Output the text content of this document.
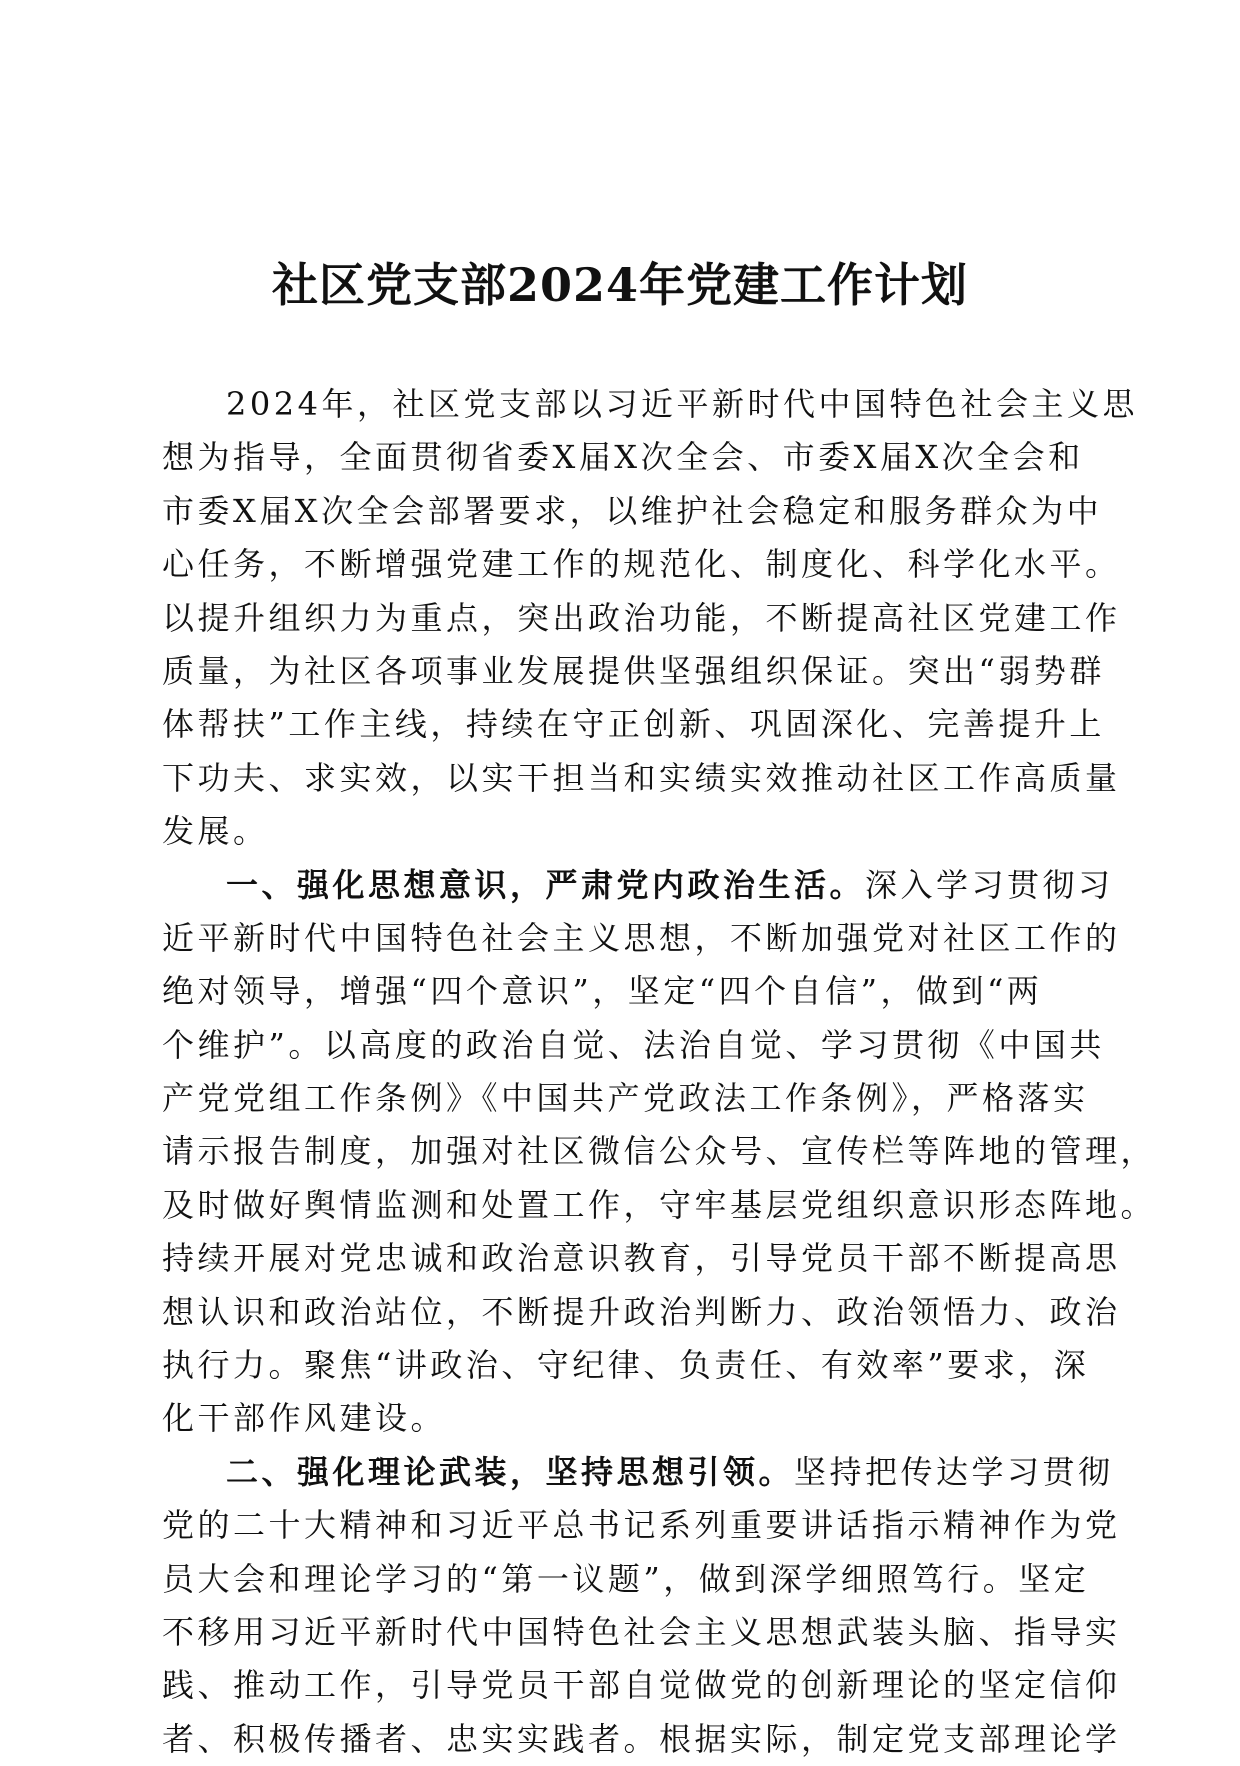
社区党支部2024年党建工作计划
2024年，社区党支部以习近平新时代中国特色社会主义思
想为指导，全面贯彻省委X届X次全会、市委X届X次全会和
市委X届X次全会部署要求，以维护社会稳定和服务群众为中
心任务，不断增强党建工作的规范化、制度化、科学化水平。
以提升组织力为重点，突出政治功能，不断提高社区党建工作
质量，为社区各项事业发展提供坚强组织保证。突出“弱势群
体帮扶”工作主线，持续在守正创新、巩固深化、完善提升上
下功夫、求实效，以实干担当和实绩实效推动社区工作高质量
发展。
一、强化思想意识，严肃党内政治生活。深入学习贯彻习
近平新时代中国特色社会主义思想，不断加强党对社区工作的
绝对领导，增强“四个意识”，坚定“四个自信”，做到“两
个维护”。以高度的政治自觉、法治自觉、学习贯彻《中国共
产党党组工作条例》《中国共产党政法工作条例》，严格落实
请示报告制度，加强对社区微信公众号、宣传栏等阵地的管理，
及时做好舆情监测和处置工作，守牢基层党组织意识形态阵地。
持续开展对党忠诚和政治意识教育，引导党员干部不断提高思
想认识和政治站位，不断提升政治判断力、政治领悟力、政治
执行力。聚焦“讲政治、守纪律、负责任、有效率”要求，深
化干部作风建设。
二、强化理论武装，坚持思想引领。坚持把传达学习贯彻
党的二十大精神和习近平总书记系列重要讲话指示精神作为党
员大会和理论学习的“第一议题”，做到深学细照笃行。坚定
不移用习近平新时代中国特色社会主义思想武装头脑、指导实
践、推动工作，引导党员干部自觉做党的创新理论的坚定信仰
者、积极传播者、忠实实践者。根据实际，制定党支部理论学
